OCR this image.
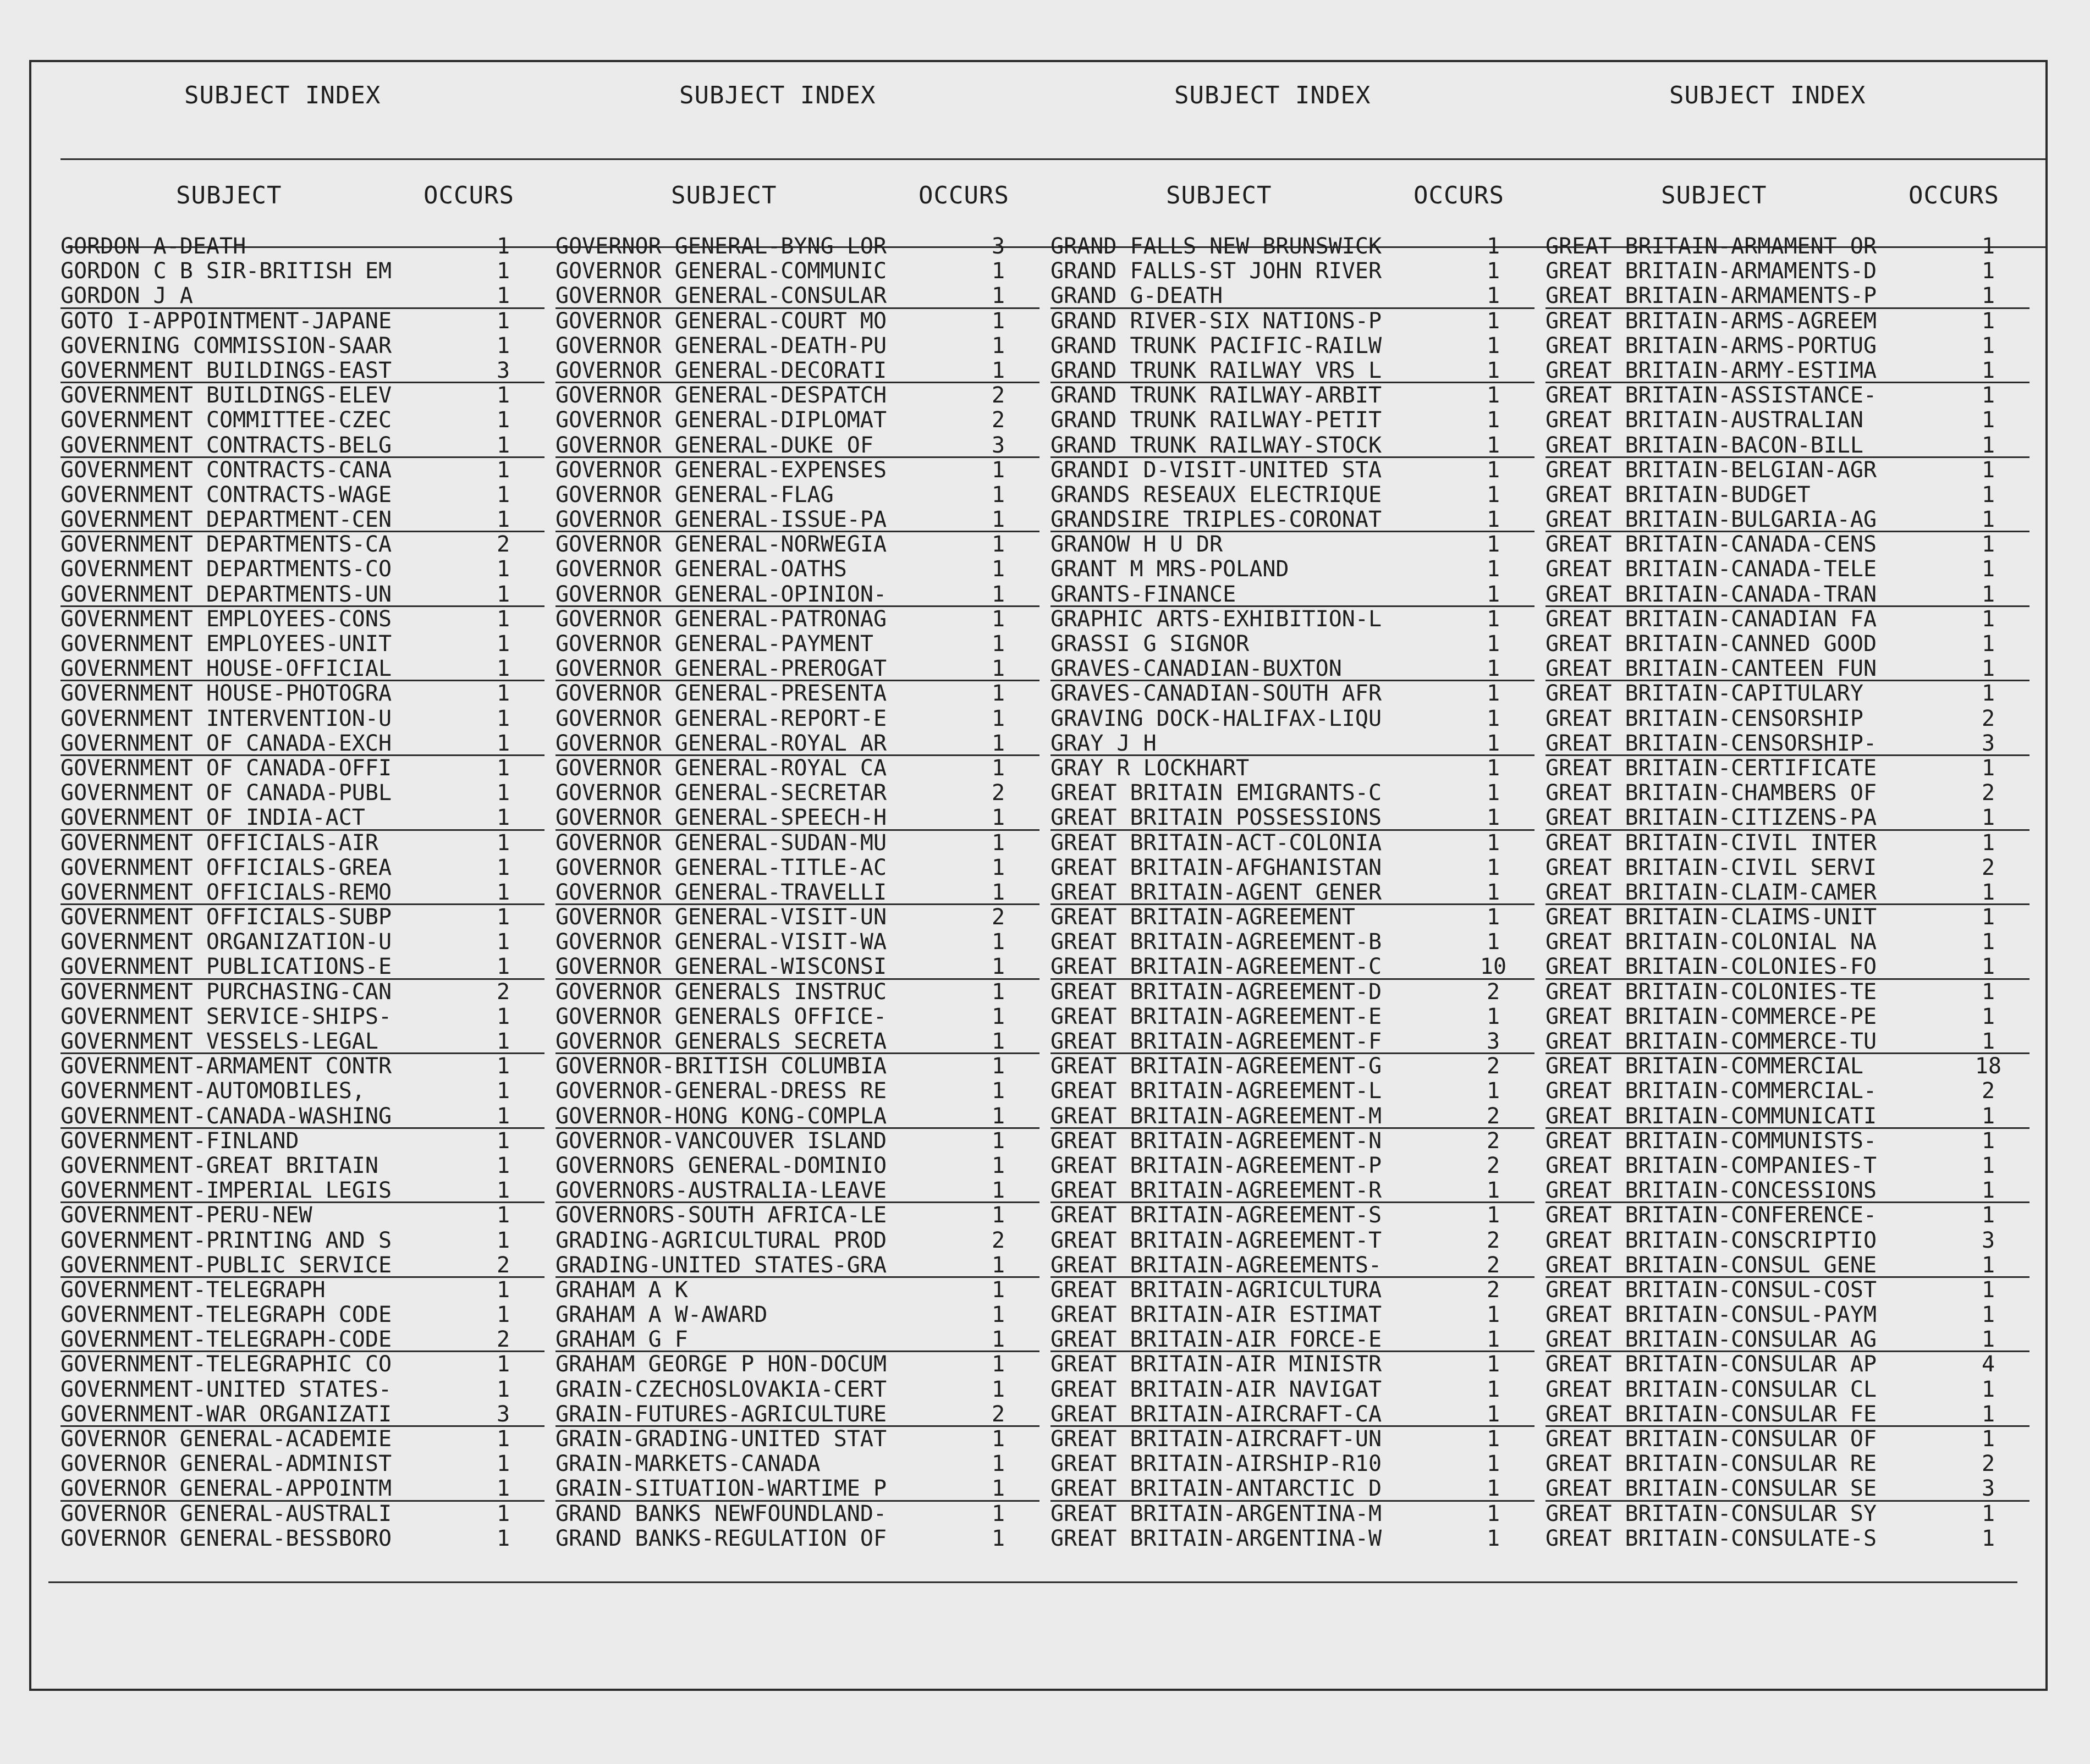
SUBJECT INDEX
SUBJECT	OCCURS
GORDON A-DEATH	1
GORDON C B SIR-BRITISH EM	1
GORDON J A	1
GOTO I-APPOINTMENT-JAPANE	1
GOVERNING COMMISSION-SAAR	1
GOVERNMENT BUILDINGS-EAST	3
GOVERNMENT BUILDINGS-ELEV	1
GOVERNMENT COMMITTEE-CZEC	1
GOVERNMENT CONTRACTS-BELG	1
GOVERNMENT CONTRACTS-CANA	1
GOVERNMENT CONTRACTS-WAGE	1
GOVERNMENT DEPARTMENT-CEN	1
GOVERNMENT DEPARTMENTS-CA	2
GOVERNMENT DEPARTMENTS-CO	1
GOVERNMENT DEPARTMENTS-UN	1
GOVERNMENT EMPLOYEES-CONS	1
GOVERNMENT EMPLOYEES-UNIT	1
GOVERNMENT HOUSE-OFFICIAL	1
GOVERNMENT HOUSE-PHOTOGRA	1
GOVERNMENT INTERVENTION-U	1
GOVERNMENT OF CANADA-EXCH	1
GOVERNMENT OF CANADA-OFFI	1
GOVERNMENT OF CANADA-PUBL	1
GOVERNMENT OF INDIA-ACT	1
GOVERNMENT OFFICIALS-AIR	1
GOVERNMENT OFFICIALS-GREA	1
GOVERNMENT OFFICIALS-REMO	1
GOVERNMENT OFFICIALS-SUBP	1
GOVERNMENT ORGANIZATION-U	1
GOVERNMENT PUBLICATIONS-E	1
GOVERNMENT PURCHASING-CAN	2
GOVERNMENT SERVICE-SHIPS-	1
GOVERNMENT VESSELS-LEGAL	1
GOVERNMENT-ARMAMENT CONTR	1
GOVERNMENT-AUTOMOBILES,	1
GOVERNMENT-CANADA-WASHING	1
GOVERNMENT-FINLAND	1
GOVERNMENT-GREAT BRITAIN	1
GOVERNMENT-IMPERIAL LEGIS	1
GOVERNMENT-PERU-NEW	1
GOVERNMENT-PRINTING AND S	1
GOVERNMENT-PUBLIC SERVICE	2
GOVERNMENT-TELEGRAPH	1
GOVERNMENT-TELEGRAPH CODE	1
GOVERNMENT-TELEGRAPH-CODE	2
GOVERNMENT-TELEGRAPHIC CO	1
GOVERNMENT-UNITED STATES-	1
GOVERNMENT-WAR ORGANIZATI	3
GOVERNOR GENERAL-ACADEMIE	1
GOVERNOR GENERAL-ADMINIST	1
GOVERNOR GENERAL-APPOINTM	1
GOVERNOR GENERAL-AUSTRALI	1
GOVERNOR GENERAL-BESSBORO	1
SUBJECT INDEX
SUBJECT	OCCURS
GOVERNOR GENERAL-BYNG LOR	3
GOVERNOR GENERAL-COMMUNIC	1
GOVERNOR GENERAL-CONSULAR	1
GOVERNOR GENERAL-COURT MO	1
GOVERNOR GENERAL-DEATH-PU	1
GOVERNOR GENERAL-DECORATI	1
GOVERNOR GENERAL-DESPATCH	2
GOVERNOR GENERAL-DIPLOMAT	2
GOVERNOR GENERAL-DUKE OF	3
GOVERNOR GENERAL-EXPENSES	1
GOVERNOR GENERAL-FLAG	1
GOVERNOR GENERAL-ISSUE-PA	1
GOVERNOR GENERAL-NORWEGIA	1
GOVERNOR GENERAL-OATHS	1
GOVERNOR GENERAL-OPINION-	1
GOVERNOR GENERAL-PATRONAG	1
GOVERNOR GENERAL-PAYMENT	1
GOVERNOR GENERAL-PREROGAT	1
GOVERNOR GENERAL-PRESENTA	1
GOVERNOR GENERAL-REPORT-E	1
GOVERNOR GENERAL-ROYAL AR	1
GOVERNOR GENERAL-ROYAL CA	1
GOVERNOR GENERAL-SECRETAR	2
GOVERNOR GENERAL-SPEECH-H	1
GOVERNOR GENERAL-SUDAN-MU	1
GOVERNOR GENERAL-TITLE-AC	1
GOVERNOR GENERAL-TRAVELLI	1
GOVERNOR GENERAL-VISIT-UN	2
GOVERNOR GENERAL-VISIT-WA	1
GOVERNOR GENERAL-WISCONSI	1
GOVERNOR GENERALS INSTRUC	1
GOVERNOR GENERALS OFFICE-	1
GOVERNOR GENERALS SECRETA	1
GOVERNOR-BRITISH COLUMBIA	1
GOVERNOR-GENERAL-DRESS RE	1
GOVERNOR-HONG KONG-COMPLA	1
GOVERNOR-VANCOUVER ISLAND	1
GOVERNORS GENERAL-DOMINIO	1
GOVERNORS-AUSTRALIA-LEAVE	1
GOVERNORS-SOUTH AFRICA-LE	1
GRADING-AGRICULTURAL PROD	2
GRADING-UNITED STATES-GRA	1
GRAHAM A K	1
GRAHAM A W-AWARD	1
GRAHAM G F	1
GRAHAM GEORGE P HON-DOCUM	1
GRAIN-CZECHOSLOVAKIA-CERT	1
GRAIN-FUTURES-AGRICULTURE	2
GRAIN-GRADING-UNITED STAT	1
GRAIN-MARKETS-CANADA	1
GRAIN-SITUATION-WARTIME P	1
GRAND BANKS NEWFOUNDLAND-	1
GRAND BANKS-REGULATION OF	1
SUBJECT INDEX
SUBJECT	OCCURS
GRAND FALLS NEW BRUNSWICK	1
GRAND FALLS-ST JOHN RIVER	1
GRAND G-DEATH	1
GRAND RIVER-SIX NATIONS-P	1
GRAND TRUNK PACIFIC-RAILW	1
GRAND TRUNK RAILWAY VRS L	1
GRAND TRUNK RAILWAY-ARBIT	1
GRAND TRUNK RAILWAY-PETIT	1
GRAND TRUNK RAILWAY-STOCK	1
GRANDI D-VISIT-UNITED STA	1
GRANDS RESEAUX ELECTRIQUE	1
GRANDSIRE TRIPLES-CORONAT	1
GRANOW H U DR	1
GRANT M MRS-POLAND	1
GRANTS-FINANCE	1
GRAPHIC ARTS-EXHIBITION-L	1
GRASSI G SIGNOR	1
GRAVES-CANADIAN-BUXTON	1
GRAVES-CANADIAN-SOUTH AFR	1
GRAVING DOCK-HALIFAX-LIQU	1
GRAY J H	1
GRAY R LOCKHART	1
GREAT BRITAIN EMIGRANTS-C	1
GREAT BRITAIN POSSESSIONS	1
GREAT BRITAIN-ACT-COLONIA	1
GREAT BRITAIN-AFGHANISTAN	1
GREAT BRITAIN-AGENT GENER	1
GREAT BRITAIN-AGREEMENT	1
GREAT BRITAIN-AGREEMENT-B	1
GREAT BRITAIN-AGREEMENT-C	10
GREAT BRITAIN-AGREEMENT-D	2
GREAT BRITAIN-AGREEMENT-E	1
GREAT BRITAIN-AGREEMENT-F	3
GREAT BRITAIN-AGREEMENT-G	2
GREAT BRITAIN-AGREEMENT-L	1
GREAT BRITAIN-AGREEMENT-M	2
GREAT BRITAIN-AGREEMENT-N	2
GREAT BRITAIN-AGREEMENT-P	2
GREAT BRITAIN-AGREEMENT-R	1
GREAT BRITAIN-AGREEMENT-S	1
GREAT BRITAIN-AGREEMENT-T	2
GREAT BRITAIN-AGREEMENTS-	2
GREAT BRITAIN-AGRICULTURA	2
GREAT BRITAIN-AIR ESTIMAT	1
GREAT BRITAIN-AIR FORCE-E	1
GREAT BRITAIN-AIR MINISTR	1
GREAT BRITAIN-AIR NAVIGAT	1
GREAT BRITAIN-AIRCRAFT-CA	1
GREAT BRITAIN-AIRCRAFT-UN	1
GREAT BRITAIN-AIRSHIP-R10	1
GREAT BRITAIN-ANTARCTIC D	1
GREAT BRITAIN-ARGENTINA-M	1
GREAT BRITAIN-ARGENTINA-W	1
SUBJECT INDEX
SUBJECT	OCCURS
GREAT BRITAIN-ARMAMENT OR	1
GREAT BRITAIN-ARMAMENTS-D	1
GREAT BRITAIN-ARMAMENTS-P	1
GREAT BRITAIN-ARMS-AGREEM	1
GREAT BRITAIN-ARMS-PORTUG	1
GREAT BRITAIN-ARMY-ESTIMA	1
GREAT BRITAIN-ASSISTANCE-	1
GREAT BRITAIN-AUSTRALIAN	1
GREAT BRITAIN-BACON-BILL	1
GREAT BRITAIN-BELGIAN-AGR	1
GREAT BRITAIN-BUDGET	1
GREAT BRITAIN-BULGARIA-AG	1
GREAT BRITAIN-CANADA-CENS	1
GREAT BRITAIN-CANADA-TELE	1
GREAT BRITAIN-CANADA-TRAN	1
GREAT BRITAIN-CANADIAN FA	1
GREAT BRITAIN-CANNED GOOD	1
GREAT BRITAIN-CANTEEN FUN	1
GREAT BRITAIN-CAPITULARY	1
GREAT BRITAIN-CENSORSHIP	2
GREAT BRITAIN-CENSORSHIP-	3
GREAT BRITAIN-CERTIFICATE	1
GREAT BRITAIN-CHAMBERS OF	2
GREAT BRITAIN-CITIZENS-PA	1
GREAT BRITAIN-CIVIL INTER	1
GREAT BRITAIN-CIVIL SERVI	2
GREAT BRITAIN-CLAIM-CAMER	1
GREAT BRITAIN-CLAIMS-UNIT	1
GREAT BRITAIN-COLONIAL NA	1
GREAT BRITAIN-COLONIES-FO	1
GREAT BRITAIN-COLONIES-TE	1
GREAT BRITAIN-COMMERCE-PE	1
GREAT BRITAIN-COMMERCE-TU	1
GREAT BRITAIN-COMMERCIAL	18
GREAT BRITAIN-COMMERCIAL-	2
GREAT BRITAIN-COMMUNICATI	1
GREAT BRITAIN-COMMUNISTS-	1
GREAT BRITAIN-COMPANIES-T	1
GREAT BRITAIN-CONCESSIONS	1
GREAT BRITAIN-CONFERENCE-	1
GREAT BRITAIN-CONSCRIPTIO	3
GREAT BRITAIN-CONSUL GENE	1
GREAT BRITAIN-CONSUL-COST	1
GREAT BRITAIN-CONSUL-PAYM	1
GREAT BRITAIN-CONSULAR AG	1
GREAT BRITAIN-CONSULAR AP	4
GREAT BRITAIN-CONSULAR CL	1
GREAT BRITAIN-CONSULAR FE	1
GREAT BRITAIN-CONSULAR OF	1
GREAT BRITAIN-CONSULAR RE	2
GREAT BRITAIN-CONSULAR SE	3
GREAT BRITAIN-CONSULAR SY	1
GREAT BRITAIN-CONSULATE-S	1
